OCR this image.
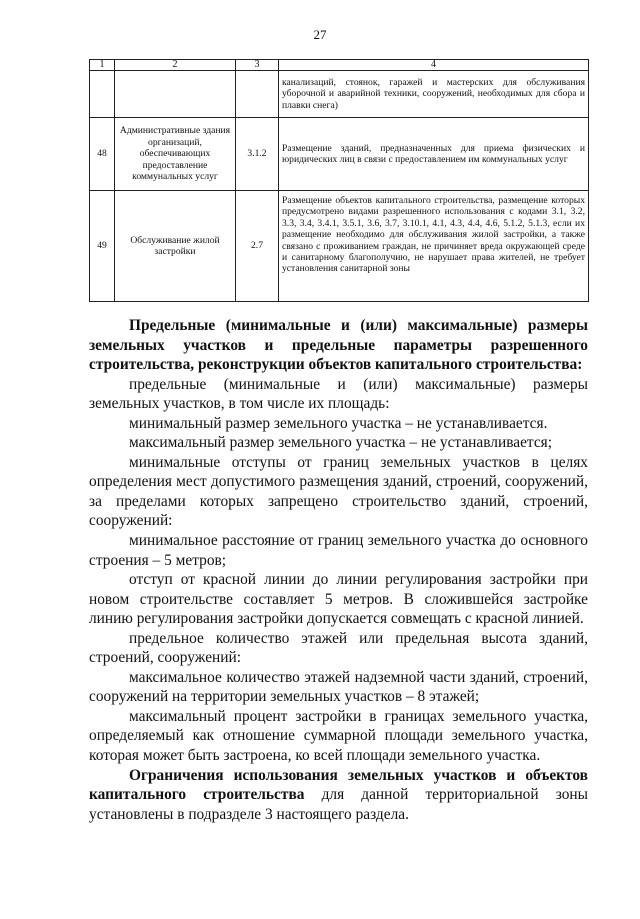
27
1	2	3	4
			канализаций, стоянок, гаражей и мастерских для обслуживания уборочной и аварийной техники, сооружений, необходимых для сбора и плавки снега)
48	Административные здания организаций, обеспечивающих предоставление коммунальных услуг	3.1.2	Размещение зданий, предназначенных для приема физических и юридических лиц в связи с предоставлением им коммунальных услуг
49	Обслуживание жилой застройки	2.7	Размещение объектов капитального строительства, размещение которых предусмотрено видами разрешенного использования с кодами 3.1, 3.2, 3.3, 3.4, 3.4.1, 3.5.1, 3.6, 3.7, 3.10.1, 4.1, 4.3, 4.4, 4.6, 5.1.2, 5.1.3, если их размещение необходимо для обслуживания жилой застройки, а также связано с проживанием граждан, не причиняет вреда окружающей среде и санитарному благополучию, не нарушает права жителей, не требует установления санитарной зоны

Предельные (минимальные и (или) максимальные) размеры земельных участков и предельные параметры разрешенного строительства, реконструкции объектов капитального строительства:

предельные (минимальные и (или) максимальные) размеры земельных участков, в том числе их площадь:

минимальный размер земельного участка – не устанавливается.

максимальный размер земельного участка – не устанавливается;

минимальные отступы от границ земельных участков в целях определения мест допустимого размещения зданий, строений, сооружений, за пределами которых запрещено строительство зданий, строений, сооружений:

минимальное расстояние от границ земельного участка до основного строения – 5 метров;

отступ от красной линии до линии регулирования застройки при новом строительстве составляет 5 метров. В сложившейся застройке линию регулирования застройки допускается совмещать с красной линией.

предельное количество этажей или предельная высота зданий, строений, сооружений:

максимальное количество этажей надземной части зданий, строений, сооружений на территории земельных участков – 8 этажей;

максимальный процент застройки в границах земельного участка, определяемый как отношение суммарной площади земельного участка, которая может быть застроена, ко всей площади земельного участка.

Ограничения использования земельных участков и объектов капитального строительства для данной территориальной зоны установлены в подразделе 3 настоящего раздела.
